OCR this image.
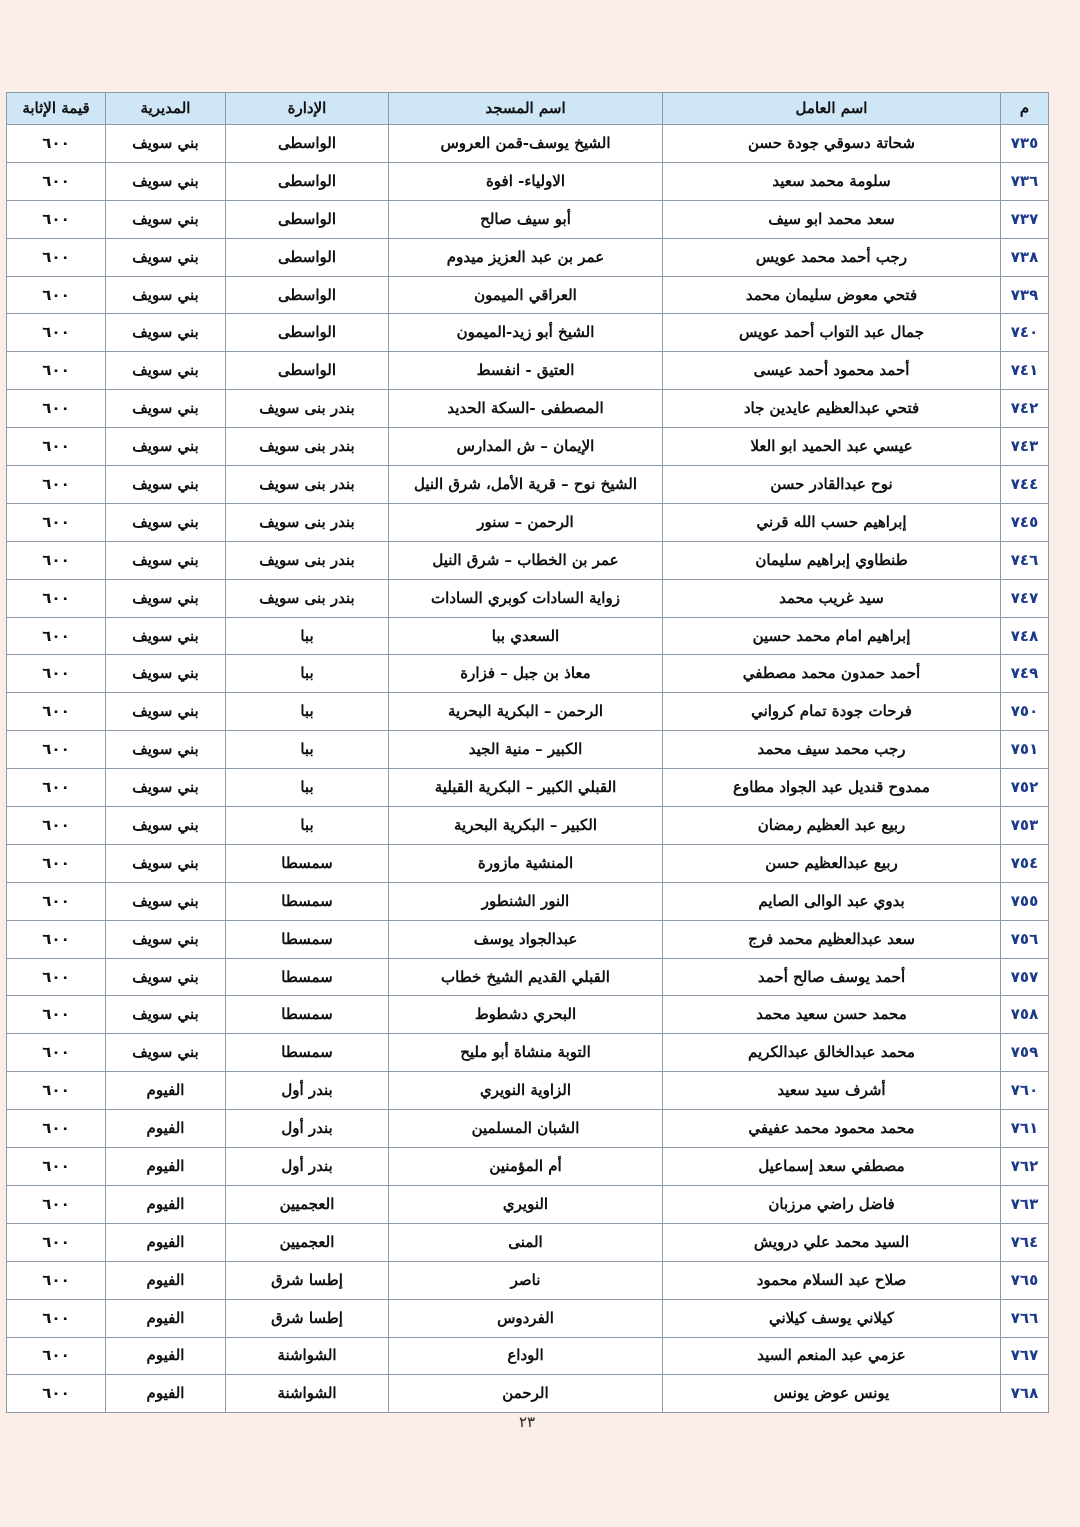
م	اسم العامل	اسم المسجد	الإدارة	المديرية	قيمة الإثابة
٧٣٥	شحاتة دسوقي جودة حسن	الشيخ يوسف-قمن العروس	الواسطى	بني سويف	٦٠٠
٧٣٦	سلومة محمد سعيد	الاولياء- افوة	الواسطى	بني سويف	٦٠٠
٧٣٧	سعد محمد ابو سيف	أبو سيف صالح	الواسطى	بني سويف	٦٠٠
٧٣٨	رجب أحمد محمد عويس	عمر بن عبد العزيز ميدوم	الواسطى	بني سويف	٦٠٠
٧٣٩	فتحي معوض سليمان محمد	العراقي الميمون	الواسطى	بني سويف	٦٠٠
٧٤٠	جمال عبد التواب أحمد عويس	الشيخ أبو زيد-الميمون	الواسطى	بني سويف	٦٠٠
٧٤١	أحمد محمود أحمد عيسى	العتيق - انفسط	الواسطى	بني سويف	٦٠٠
٧٤٢	فتحي عبدالعظيم عايدين جاد	المصطفى -السكة الحديد	بندر بنى سويف	بني سويف	٦٠٠
٧٤٣	عيسي عبد الحميد ابو العلا	الإيمان – ش المدارس	بندر بنى سويف	بني سويف	٦٠٠
٧٤٤	نوح عبدالقادر حسن	الشيخ نوح – قرية الأمل، شرق النيل	بندر بنى سويف	بني سويف	٦٠٠
٧٤٥	إبراهيم حسب الله قرني	الرحمن – سنور	بندر بنى سويف	بني سويف	٦٠٠
٧٤٦	طنطاوي إبراهيم سليمان	عمر بن الخطاب – شرق النيل	بندر بنى سويف	بني سويف	٦٠٠
٧٤٧	سيد غريب محمد	زواية السادات كوبري السادات	بندر بنى سويف	بني سويف	٦٠٠
٧٤٨	إبراهيم امام محمد حسين	السعدي ببا	ببا	بني سويف	٦٠٠
٧٤٩	أحمد حمدون محمد مصطفي	معاذ بن جبل – فزارة	ببا	بني سويف	٦٠٠
٧٥٠	فرحات جودة تمام كرواني	الرحمن – البكرية البحرية	ببا	بني سويف	٦٠٠
٧٥١	رجب محمد سيف محمد	الكبير – منية الجيد	ببا	بني سويف	٦٠٠
٧٥٢	ممدوح قنديل عبد الجواد مطاوع	القبلي الكبير – البكرية القبلية	ببا	بني سويف	٦٠٠
٧٥٣	ربيع عبد العظيم رمضان	الكبير – البكرية البحرية	ببا	بني سويف	٦٠٠
٧٥٤	ربيع عبدالعظيم حسن	المنشية مازورة	سمسطا	بني سويف	٦٠٠
٧٥٥	بدوي عبد الوالى الصايم	النور الشنطور	سمسطا	بني سويف	٦٠٠
٧٥٦	سعد عبدالعظيم محمد فرج	عبدالجواد يوسف	سمسطا	بني سويف	٦٠٠
٧٥٧	أحمد يوسف صالح أحمد	القبلي القديم الشيخ خطاب	سمسطا	بني سويف	٦٠٠
٧٥٨	محمد حسن سعيد محمد	البحري دشطوط	سمسطا	بني سويف	٦٠٠
٧٥٩	محمد عبدالخالق عبدالكريم	التوبة منشاة أبو مليح	سمسطا	بني سويف	٦٠٠
٧٦٠	أشرف سيد سعيد	الزاوية النويري	بندر أول	الفيوم	٦٠٠
٧٦١	محمد محمود محمد عفيفي	الشبان المسلمين	بندر أول	الفيوم	٦٠٠
٧٦٢	مصطفي سعد إسماعيل	أم المؤمنين	بندر أول	الفيوم	٦٠٠
٧٦٣	فاضل راضي مرزبان	النويري	العجميين	الفيوم	٦٠٠
٧٦٤	السيد محمد علي درويش	المنى	العجميين	الفيوم	٦٠٠
٧٦٥	صلاح عبد السلام محمود	ناصر	إطسا شرق	الفيوم	٦٠٠
٧٦٦	كيلاني يوسف كيلاني	الفردوس	إطسا شرق	الفيوم	٦٠٠
٧٦٧	عزمي عبد المنعم السيد	الوداع	الشواشنة	الفيوم	٦٠٠
٧٦٨	يونس عوض يونس	الرحمن	الشواشنة	الفيوم	٦٠٠
٢٣
